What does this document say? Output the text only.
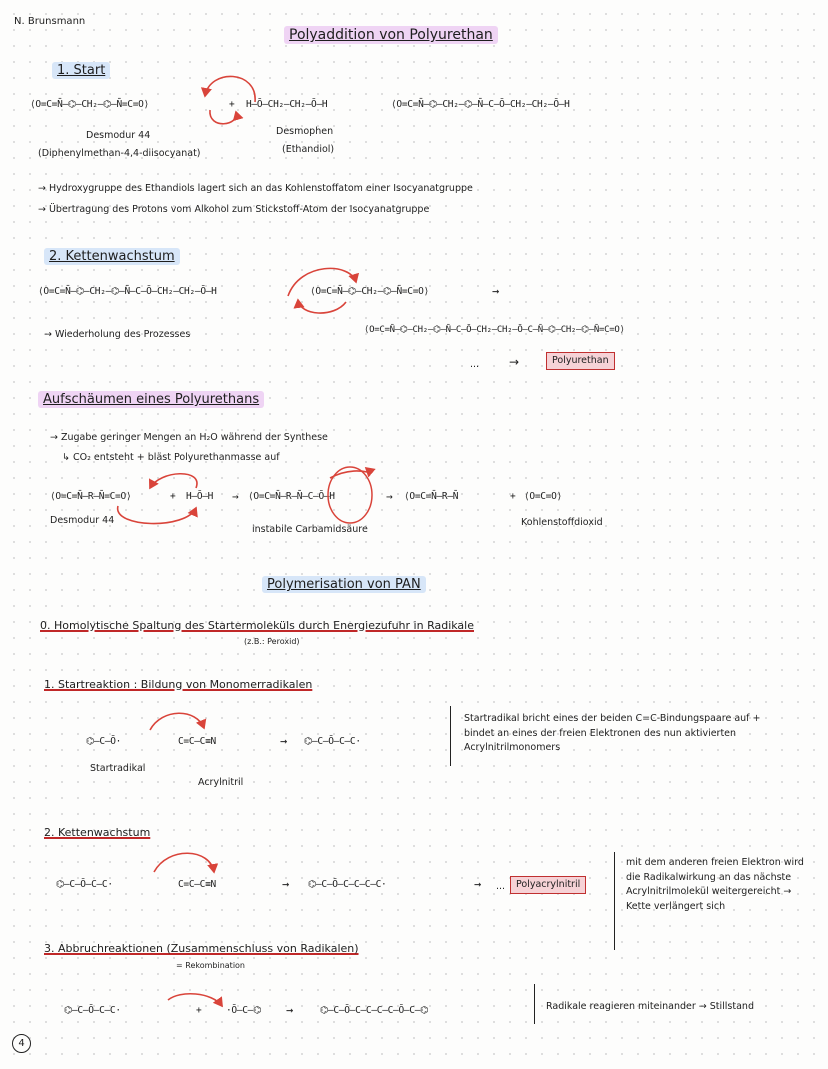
N. Brunsmann
Polyaddition von Polyurethan
1. Start
⟨O=C=N̄–⌬–CH₂–⌬–N̄=C=O⟩	+ H–Ō–CH₂–CH₂–Ō–H	⟨O=C=N̄–⌬–CH₂–⌬–N̄–C–Ō–CH₂–CH₂–Ō–H
Desmodur 44
(Diphenylmethan-4,4-diisocyanat)
Desmophen
(Ethandiol)
→ Hydroxygruppe des Ethandiols lagert sich an das Kohlenstoffatom einer Isocyanatgruppe
→ Übertragung des Protons vom Alkohol zum Stickstoff-Atom der Isocyanatgruppe
2. Kettenwachstum
⟨O=C=N̄–⌬–CH₂–⌬–N̄–C–Ō–CH₂–CH₂–Ō–H	⟨O=C=N̄–⌬–CH₂–⌬–N̄=C=O⟩	→
⟨O=C=N̄–⌬–CH₂–⌬–N̄–C–Ō–CH₂–CH₂–Ō–C–N̄–⌬–CH₂–⌬–N̄=C=O⟩
→ Wiederholung des Prozesses
... →	Polyurethan
Aufschäumen eines Polyurethans
→ Zugabe geringer Mengen an H₂O während der Synthese
↳ CO₂ entsteht + bläst Polyurethanmasse auf
⟨O=C=N̄–R–N̄=C=O⟩	+ H–Ō–H → ⟨O=C=N̄–R–N̄–C–Ō–H	→ ⟨O=C=N̄–R–N̄	+ ⟨O=C=O⟩
Desmodur 44
instabile Carbamidsäure
Kohlenstoffdioxid
Polymerisation von PAN
0. Homolytische Spaltung des Startermoleküls durch Energiezufuhr in Radikale
(z.B.: Peroxid)
1. Startreaktion : Bildung von Monomerradikalen
⌬–C–Ō·	C=C–C≡N	→ ⌬–C–Ō–C–C·
Startradikal
Acrylnitril
Startradikal bricht eines der beiden C=C-Bindungspaare auf + bindet an eines der freien Elektronen des nun aktivierten Acrylnitrilmonomers
2. Kettenwachstum
⌬–C–Ō–C–C·	C=C–C≡N	→ ⌬–C–Ō–C–C–C–C·	→ ...	Polyacrylnitril
mit dem anderen freien Elektron wird die Radikalwirkung an das nächste Acrylnitrilmolekül weitergereicht → Kette verlängert sich
3. Abbruchreaktionen (Zusammenschluss von Radikalen)
= Rekombination
⌬–C–Ō–C–C·	+	·Ō–C–⌬ →	⌬–C–Ō–C–C–C–C–Ō–C–⌬	Radikale reagieren miteinander → Stillstand
4
